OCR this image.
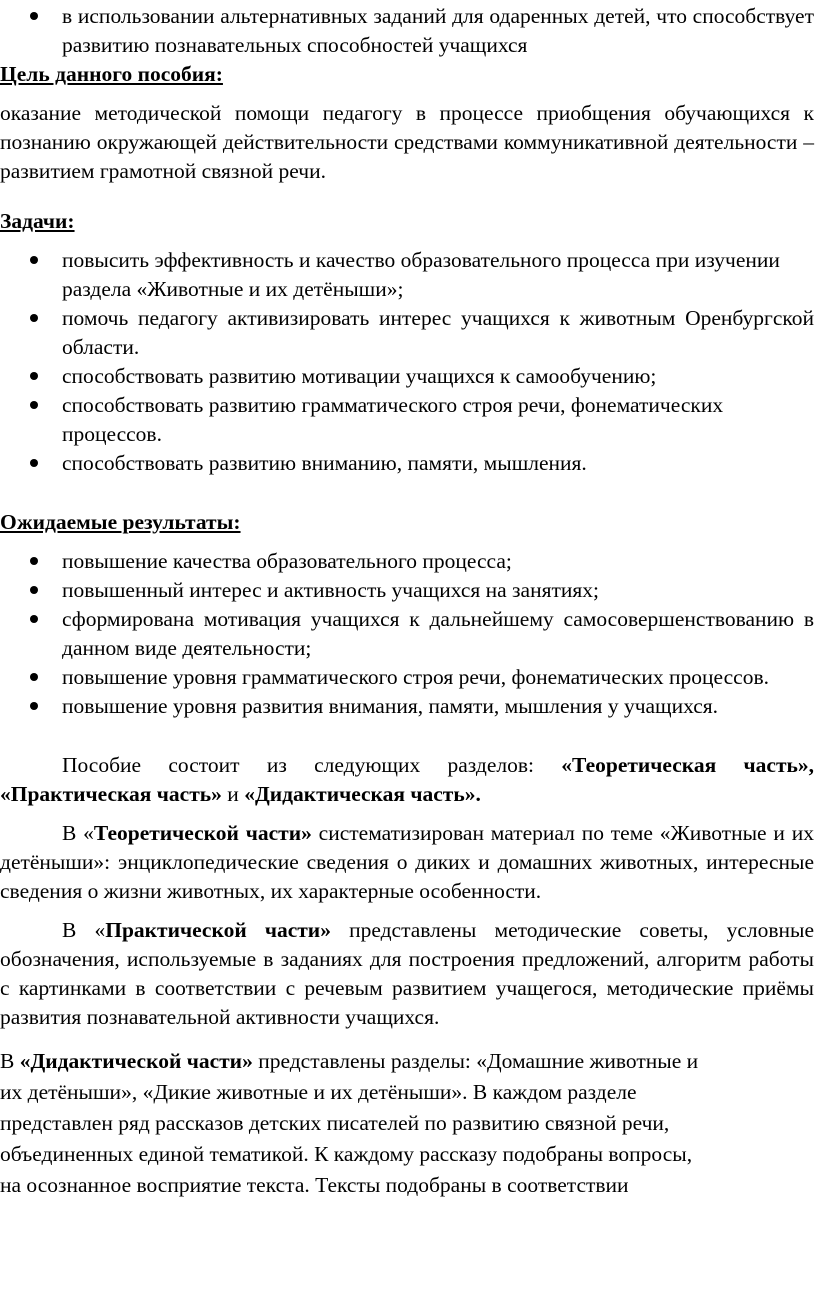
в использовании альтернативных заданий для одаренных детей, что способствует развитию познавательных способностей учащихся
Цель данного пособия:

оказание методической помощи педагогу в процессе приобщения обучающихся к познанию окружающей действительности средствами коммуникативной деятельности – развитием грамотной связной речи.

Задачи:
повысить эффективность и качество образовательного процесса при изучении раздела «Животные и их детёныши»;
помочь педагогу активизировать интерес учащихся к животным Оренбургской области.
способствовать развитию мотивации учащихся к самообучению;
способствовать развитию грамматического строя речи, фонематических процессов.
способствовать развитию вниманию, памяти, мышления.
Ожидаемые результаты:
повышение качества образовательного процесса;
повышенный интерес и активность учащихся на занятиях;
сформирована мотивация учащихся к дальнейшему самосовершенствованию в данном виде деятельности;
повышение уровня грамматического строя речи, фонематических процессов.
повышение уровня развития внимания, памяти, мышления у учащихся.

Пособие состоит из следующих разделов: «Теоретическая часть», «Практическая часть» и «Дидактическая часть».

В «Теоретической части» систематизирован материал по теме «Животные и их детёныши»: энциклопедические сведения о диких и домашних животных, интересные сведения о жизни животных, их характерные особенности.

В «Практической части» представлены методические советы, условные обозначения, используемые в заданиях для построения предложений, алгоритм работы с картинками в соответствии с речевым развитием учащегося, методические приёмы развития познавательной активности учащихся.

В «Дидактической части» представлены разделы: «Домашние животные и
их детёныши», «Дикие животные и их детёныши». В каждом разделе
представлен ряд рассказов детских писателей по развитию связной речи,
объединенных единой тематикой. К каждому рассказу подобраны вопросы,
на осознанное восприятие текста. Тексты подобраны в соответствии
